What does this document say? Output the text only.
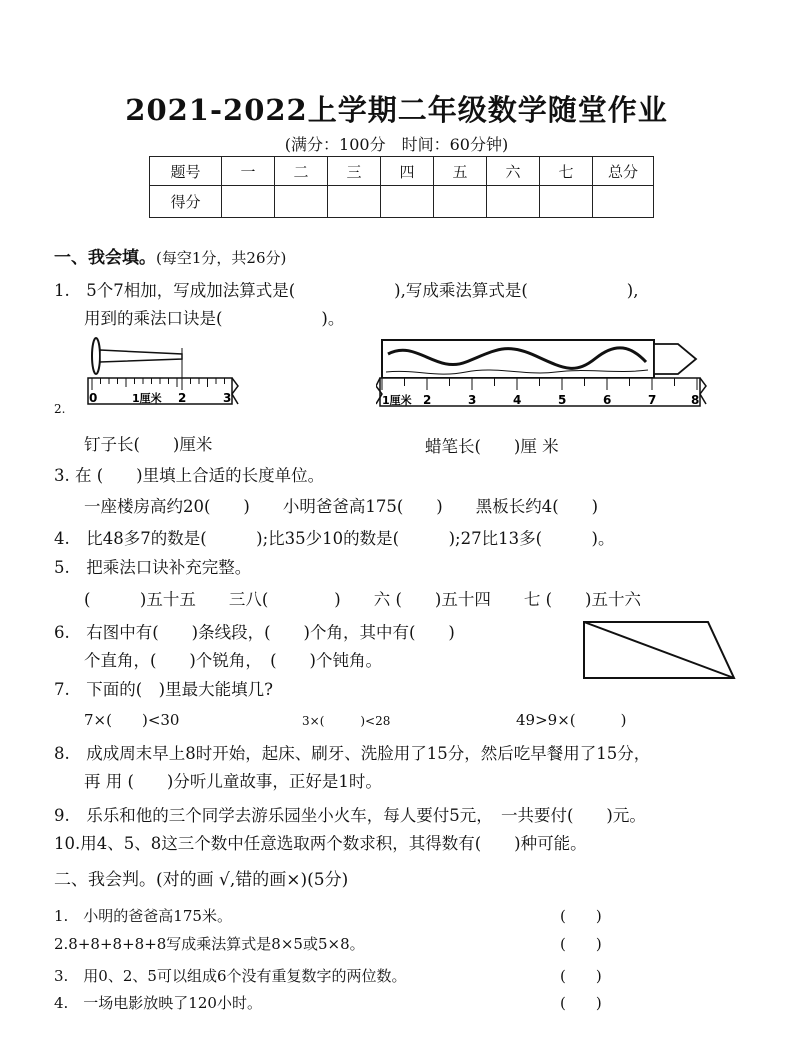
2021-2022上学期二年级数学随堂作业
(满分：100分　时间：60分钟)
题号	一	二	三	四	五	六	七	总分
得分								
一、我会填。(每空1分，共26分)
1.　5个7相加，写成加法算式是(　　　　　　),写成乘法算式是(　　　　　　),
用到的乘法口诀是(　　　　　　)。
0	1厘米 2	3
2.
1厘米 2	3	4	5	6	7	8
钉子长(　　)厘米	蜡笔长(　　)厘 米
3. 在 (　　)里填上合适的长度单位。
一座楼房高约20(　　)　　小明爸爸高175(　　)　　黑板长约4(　　)
4.　比48多7的数是(　　　);比35少10的数是(　　　);27比13多(　　　)。
5.　把乘法口诀补充完整。
(　　　)五十五　　三八(　　　　)　　六 (　　)五十四　　七 (　　)五十六
6.　右图中有(　　)条线段，(　　)个角，其中有(　　)
个直角，(　　)个锐角，　(　　)个钝角。
7.　下面的(　)里最大能填几?
7×(　　)<30	3×(　　　)<28	49>9×(　　　)
8.　成成周末早上8时开始，起床、刷牙、洗脸用了15分，然后吃早餐用了15分，
再 用 (　　)分听儿童故事，正好是1时。
9.　乐乐和他的三个同学去游乐园坐小火车，每人要付5元，　一共要付(　　)元。
10.用4、5、8这三个数中任意选取两个数求积，其得数有(　　)种可能。
二、我会判。(对的画 √,错的画×)(5分)
1.　小明的爸爸高175米。	(　　)
2.8+8+8+8+8写成乘法算式是8×5或5×8。	(　　)
3.　用0、2、5可以组成6个没有重复数字的两位数。	(　　)
4.　一场电影放映了120小时。	(　　)
